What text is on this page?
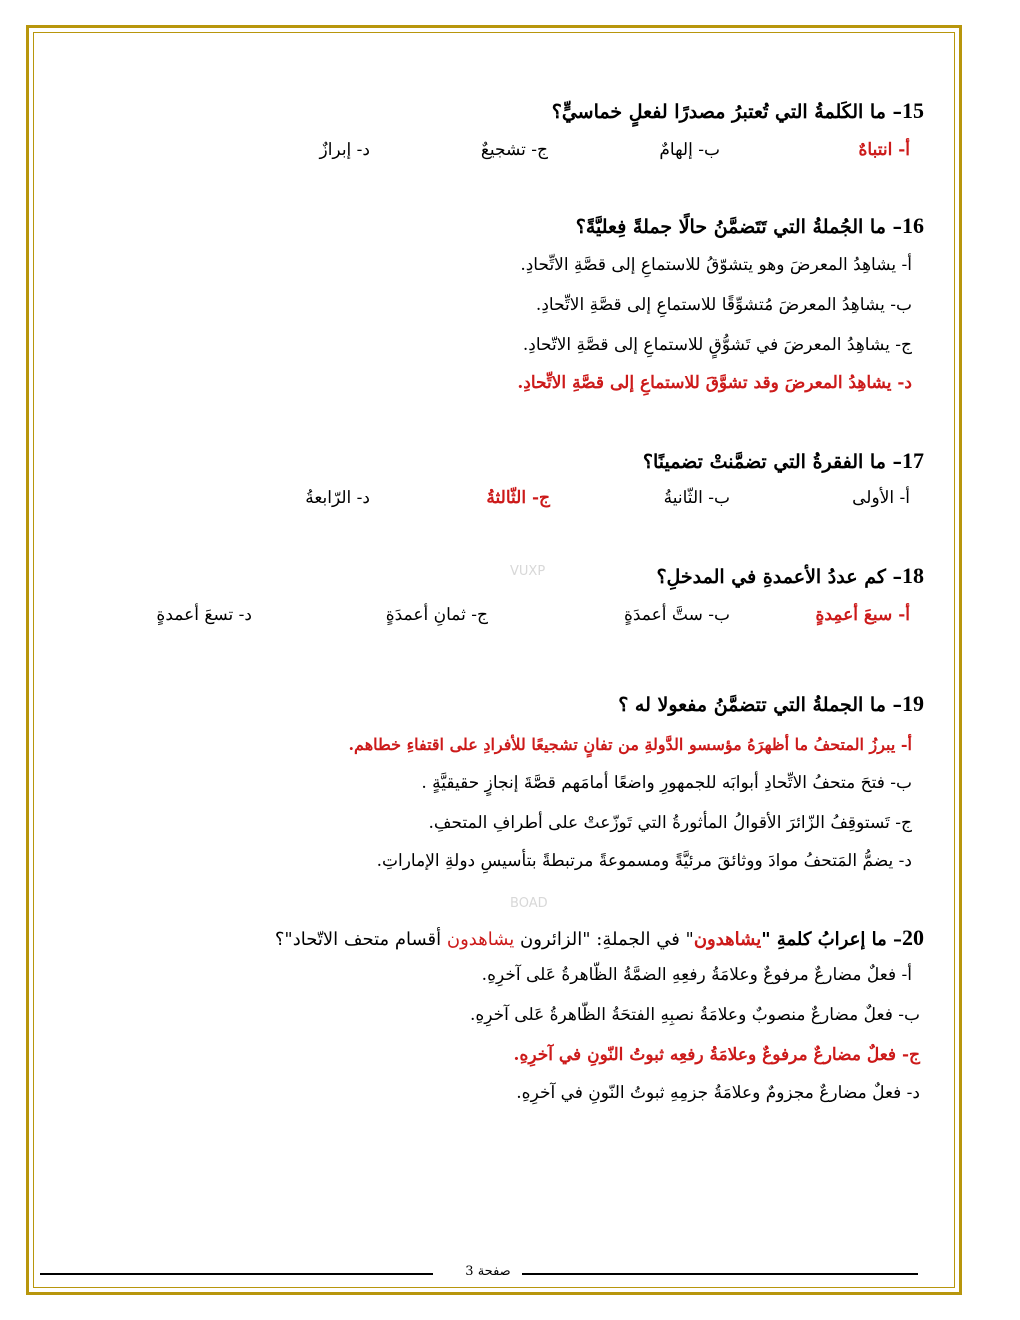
15– ما الكَلمةُ التي تُعتبرُ مصدرًا لفعلٍ خماسيٍّ؟
أ- انتباهٌ
ب- إلهامٌ
ج- تشجيعٌ
د- إبرازٌ
16– ما الجُملةُ التي تَتَضمَّنُ حالًا جملةً فِعليَّةً؟
أ- يشاهِدُ المعرضَ وهو يتشوّقُ للاستماعِ إلى قصَّةِ الاتِّحادِ.
ب- يشاهِدُ المعرضَ مُتشوِّقًا للاستماعِ إلى قصَّةِ الاتِّحادِ.
ج- يشاهِدُ المعرضَ في تَشوُّقٍ للاستماعِ إلى قصَّةِ الاتّحادِ.
د- يشاهِدُ المعرضَ وقد تشوَّقَ للاستماعِ إلى قصَّةِ الاتِّحادِ.
17– ما الفقرةُ التي تضمَّنتْ تضمينًا؟
أ- الأولى
ب- الثّانيةُ
ج- الثّالثةُ
د- الرّابعةُ
VUXP	18– كم عددُ الأعمدةِ في المدخلِ؟
أ- سبعَ أعمِدةٍ
ب- ستَّ أعمدَةٍ
ج- ثمانِ أعمدَةٍ
د- تسعَ أعمدةٍ
19– ما الجملةُ التي تتضمَّنُ مفعولا له ؟
أ- يبرزُ المتحفُ ما أظهرَهُ مؤسسو الدَّولةِ من تفانٍ تشجيعًا للأفرادِ على اقتفاءِ خطاهم.
ب- فتحَ متحفُ الاتِّحادِ أبوابَه للجمهورِ واضعًا أمامَهم قصَّةَ إنجازٍ حقيقيَّةٍ .
ج- تَستوقِفُ الزّائرَ الأقوالُ المأثورةُ التي تَوزّعتْ على أطرافِ المتحفِ.
د- يضمُّ المَتحفُ موادَ ووثائقَ مرئيَّةً ومسموعةً مرتبطةً بتأسيسِ دولةِ الإماراتِ.
BOAD
20– ما إعرابُ كلمةِ "يشاهدون" في الجملةِ: "الزائرون يشاهدون أقسام متحف الاتّحاد"؟
أ- فعلٌ مضارعٌ مرفوعٌ وعلامَةُ رفعِهِ الضمَّةُ الظّاهرةُ عَلى آخرِهِ.
ب- فعلٌ مضارعٌ منصوبٌ وعلامَةُ نصبِهِ الفتحَةُ الظّاهرةُ عَلى آخرِهِ.
ج- فعلٌ مضارعٌ مرفوعٌ وعلامَةُ رفعِه ثبوتُ النّونِ في آخرِهِ.
د- فعلٌ مضارعٌ مجزومٌ وعلامَةُ جزمِهِ ثبوتُ النّونِ في آخرِهِ.
صفحة 3
